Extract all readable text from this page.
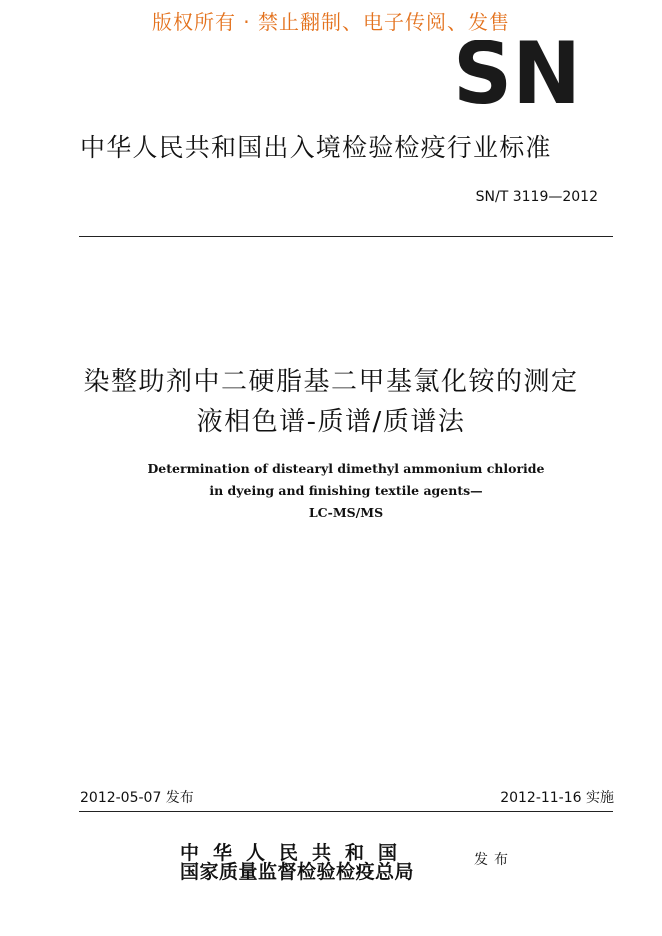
版权所有 · 禁止翻制、电子传阅、发售
SN
中华人民共和国出入境检验检疫行业标准
SN/T 3119—2012
染整助剂中二硬脂基二甲基氯化铵的测定
液相色谱-质谱/质谱法
Determination of distearyl dimethyl ammonium chloride
in dyeing and finishing textile agents—
LC-MS/MS
2012-05-07 发布	2012-11-16 实施
中华人民共和国
国家质量监督检验检疫总局
发布
